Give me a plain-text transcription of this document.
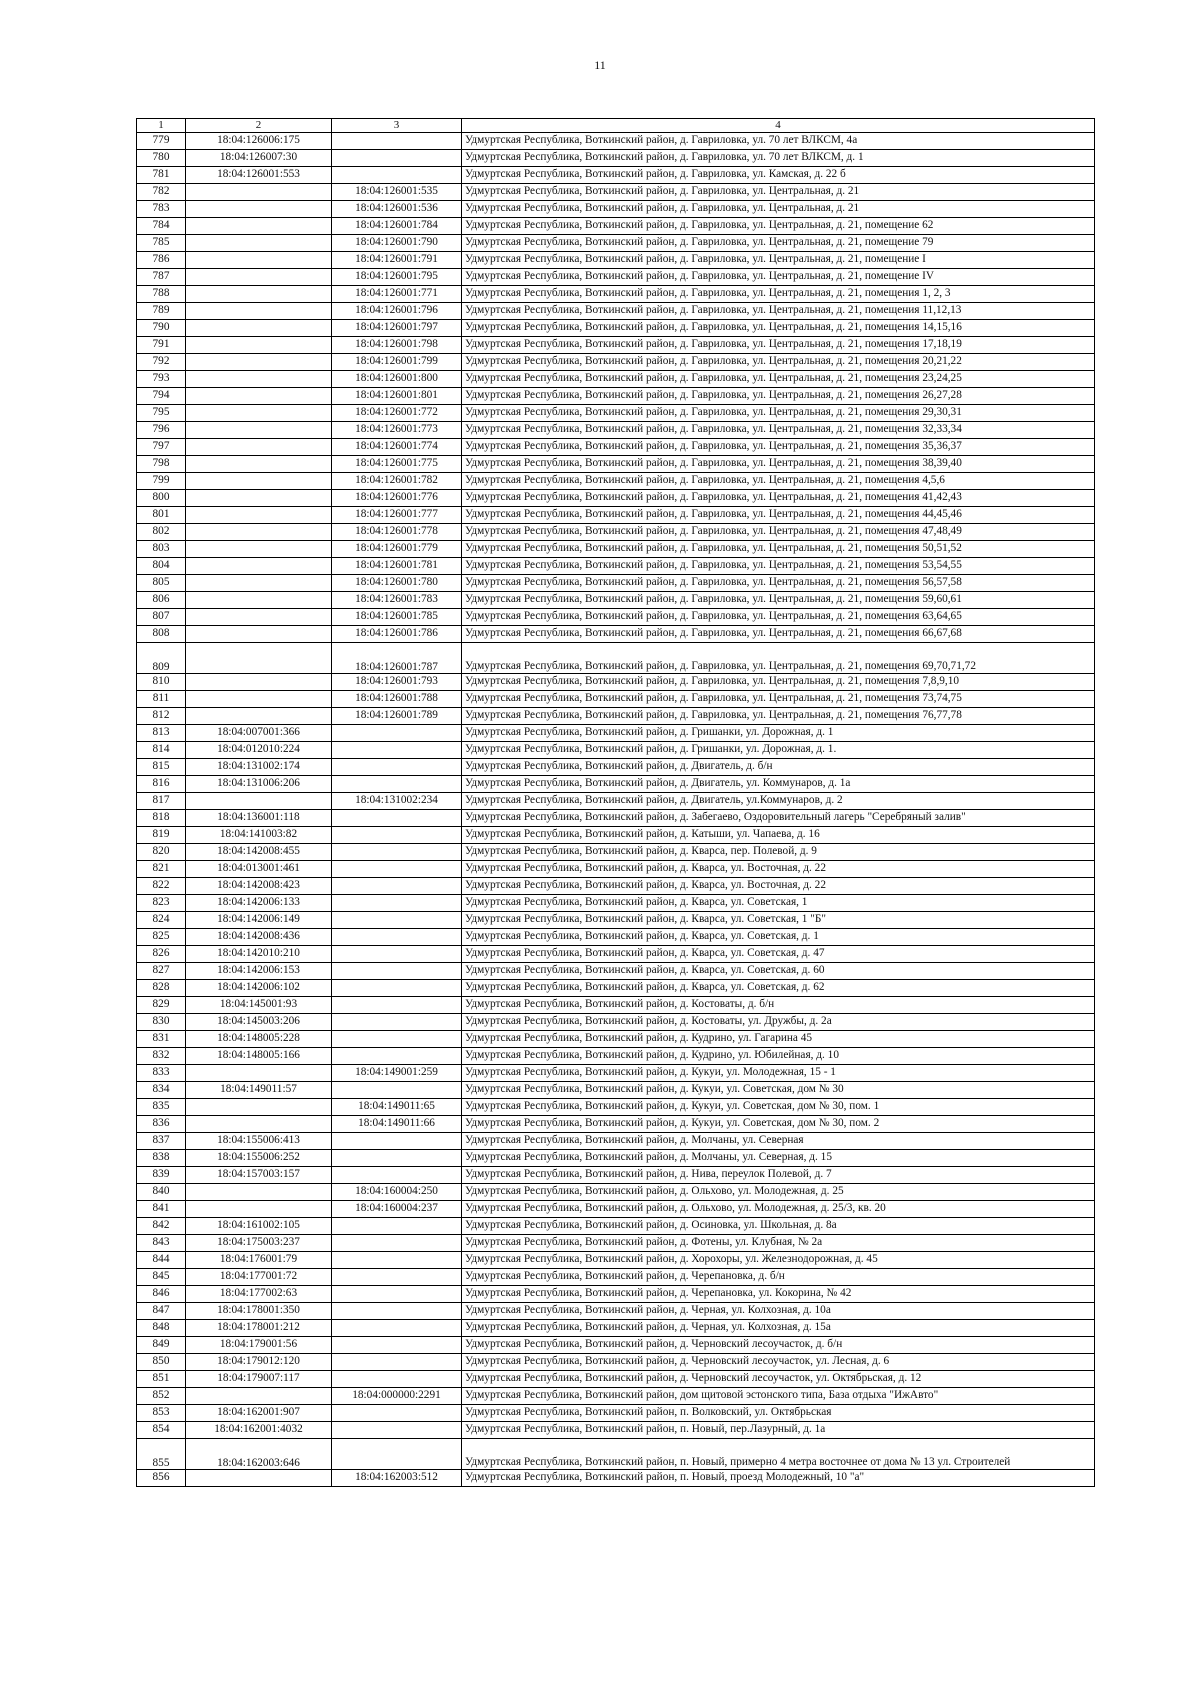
11
1	2	3	4
779	18:04:126006:175		Удмуртская Республика, Воткинский район, д. Гавриловка, ул. 70 лет ВЛКСМ, 4а
780	18:04:126007:30		Удмуртская Республика, Воткинский район, д. Гавриловка, ул. 70 лет ВЛКСМ, д. 1
781	18:04:126001:553		Удмуртская Республика, Воткинский район, д. Гавриловка, ул. Камская, д. 22 б
782		18:04:126001:535	Удмуртская Республика, Воткинский район, д. Гавриловка, ул. Центральная, д. 21
783		18:04:126001:536	Удмуртская Республика, Воткинский район, д. Гавриловка, ул. Центральная, д. 21
784		18:04:126001:784	Удмуртская Республика, Воткинский район, д. Гавриловка, ул. Центральная, д. 21, помещение 62
785		18:04:126001:790	Удмуртская Республика, Воткинский район, д. Гавриловка, ул. Центральная, д. 21, помещение 79
786		18:04:126001:791	Удмуртская Республика, Воткинский район, д. Гавриловка, ул. Центральная, д. 21, помещение I
787		18:04:126001:795	Удмуртская Республика, Воткинский район, д. Гавриловка, ул. Центральная, д. 21, помещение IV
788		18:04:126001:771	Удмуртская Республика, Воткинский район, д. Гавриловка, ул. Центральная, д. 21, помещения 1, 2, 3
789		18:04:126001:796	Удмуртская Республика, Воткинский район, д. Гавриловка, ул. Центральная, д. 21, помещения 11,12,13
790		18:04:126001:797	Удмуртская Республика, Воткинский район, д. Гавриловка, ул. Центральная, д. 21, помещения 14,15,16
791		18:04:126001:798	Удмуртская Республика, Воткинский район, д. Гавриловка, ул. Центральная, д. 21, помещения 17,18,19
792		18:04:126001:799	Удмуртская Республика, Воткинский район, д. Гавриловка, ул. Центральная, д. 21, помещения 20,21,22
793		18:04:126001:800	Удмуртская Республика, Воткинский район, д. Гавриловка, ул. Центральная, д. 21, помещения 23,24,25
794		18:04:126001:801	Удмуртская Республика, Воткинский район, д. Гавриловка, ул. Центральная, д. 21, помещения 26,27,28
795		18:04:126001:772	Удмуртская Республика, Воткинский район, д. Гавриловка, ул. Центральная, д. 21, помещения 29,30,31
796		18:04:126001:773	Удмуртская Республика, Воткинский район, д. Гавриловка, ул. Центральная, д. 21, помещения 32,33,34
797		18:04:126001:774	Удмуртская Республика, Воткинский район, д. Гавриловка, ул. Центральная, д. 21, помещения 35,36,37
798		18:04:126001:775	Удмуртская Республика, Воткинский район, д. Гавриловка, ул. Центральная, д. 21, помещения 38,39,40
799		18:04:126001:782	Удмуртская Республика, Воткинский район, д. Гавриловка, ул. Центральная, д. 21, помещения 4,5,6
800		18:04:126001:776	Удмуртская Республика, Воткинский район, д. Гавриловка, ул. Центральная, д. 21, помещения 41,42,43
801		18:04:126001:777	Удмуртская Республика, Воткинский район, д. Гавриловка, ул. Центральная, д. 21, помещения 44,45,46
802		18:04:126001:778	Удмуртская Республика, Воткинский район, д. Гавриловка, ул. Центральная, д. 21, помещения 47,48,49
803		18:04:126001:779	Удмуртская Республика, Воткинский район, д. Гавриловка, ул. Центральная, д. 21, помещения 50,51,52
804		18:04:126001:781	Удмуртская Республика, Воткинский район, д. Гавриловка, ул. Центральная, д. 21, помещения 53,54,55
805		18:04:126001:780	Удмуртская Республика, Воткинский район, д. Гавриловка, ул. Центральная, д. 21, помещения 56,57,58
806		18:04:126001:783	Удмуртская Республика, Воткинский район, д. Гавриловка, ул. Центральная, д. 21, помещения 59,60,61
807		18:04:126001:785	Удмуртская Республика, Воткинский район, д. Гавриловка, ул. Центральная, д. 21, помещения 63,64,65
808		18:04:126001:786	Удмуртская Республика, Воткинский район, д. Гавриловка, ул. Центральная, д. 21, помещения 66,67,68
809		18:04:126001:787	Удмуртская Республика, Воткинский район, д. Гавриловка, ул. Центральная, д. 21, помещения 69,70,71,72
810		18:04:126001:793	Удмуртская Республика, Воткинский район, д. Гавриловка, ул. Центральная, д. 21, помещения 7,8,9,10
811		18:04:126001:788	Удмуртская Республика, Воткинский район, д. Гавриловка, ул. Центральная, д. 21, помещения 73,74,75
812		18:04:126001:789	Удмуртская Республика, Воткинский район, д. Гавриловка, ул. Центральная, д. 21, помещения 76,77,78
813	18:04:007001:366		Удмуртская Республика, Воткинский район, д. Гришанки, ул. Дорожная, д. 1
814	18:04:012010:224		Удмуртская Республика, Воткинский район, д. Гришанки, ул. Дорожная, д. 1.
815	18:04:131002:174		Удмуртская Республика, Воткинский район, д. Двигатель, д. б/н
816	18:04:131006:206		Удмуртская Республика, Воткинский район, д. Двигатель, ул. Коммунаров, д. 1а
817		18:04:131002:234	Удмуртская Республика, Воткинский район, д. Двигатель, ул.Коммунаров, д. 2
818	18:04:136001:118		Удмуртская Республика, Воткинский район, д. Забегаево, Оздоровительный лагерь "Серебряный залив"
819	18:04:141003:82		Удмуртская Республика, Воткинский район, д. Катыши, ул. Чапаева, д. 16
820	18:04:142008:455		Удмуртская Республика, Воткинский район, д. Кварса, пер. Полевой, д. 9
821	18:04:013001:461		Удмуртская Республика, Воткинский район, д. Кварса, ул. Восточная, д. 22
822	18:04:142008:423		Удмуртская Республика, Воткинский район, д. Кварса, ул. Восточная, д. 22
823	18:04:142006:133		Удмуртская Республика, Воткинский район, д. Кварса, ул. Советская, 1
824	18:04:142006:149		Удмуртская Республика, Воткинский район, д. Кварса, ул. Советская, 1 "Б"
825	18:04:142008:436		Удмуртская Республика, Воткинский район, д. Кварса, ул. Советская, д. 1
826	18:04:142010:210		Удмуртская Республика, Воткинский район, д. Кварса, ул. Советская, д. 47
827	18:04:142006:153		Удмуртская Республика, Воткинский район, д. Кварса, ул. Советская, д. 60
828	18:04:142006:102		Удмуртская Республика, Воткинский район, д. Кварса, ул. Советская, д. 62
829	18:04:145001:93		Удмуртская Республика, Воткинский район, д. Костоваты, д. б/н
830	18:04:145003:206		Удмуртская Республика, Воткинский район, д. Костоваты, ул. Дружбы, д. 2а
831	18:04:148005:228		Удмуртская Республика, Воткинский район, д. Кудрино, ул. Гагарина 45
832	18:04:148005:166		Удмуртская Республика, Воткинский район, д. Кудрино, ул. Юбилейная, д. 10
833		18:04:149001:259	Удмуртская Республика, Воткинский район, д. Кукуи, ул. Молодежная, 15 - 1
834	18:04:149011:57		Удмуртская Республика, Воткинский район, д. Кукуи, ул. Советская, дом № 30
835		18:04:149011:65	Удмуртская Республика, Воткинский район, д. Кукуи, ул. Советская, дом № 30, пом. 1
836		18:04:149011:66	Удмуртская Республика, Воткинский район, д. Кукуи, ул. Советская, дом № 30, пом. 2
837	18:04:155006:413		Удмуртская Республика, Воткинский район, д. Молчаны, ул. Северная
838	18:04:155006:252		Удмуртская Республика, Воткинский район, д. Молчаны, ул. Северная, д. 15
839	18:04:157003:157		Удмуртская Республика, Воткинский район, д. Нива, переулок Полевой, д. 7
840		18:04:160004:250	Удмуртская Республика, Воткинский район, д. Ольхово, ул. Молодежная, д. 25
841		18:04:160004:237	Удмуртская Республика, Воткинский район, д. Ольхово, ул. Молодежная, д. 25/3, кв. 20
842	18:04:161002:105		Удмуртская Республика, Воткинский район, д. Осиновка, ул. Школьная, д. 8а
843	18:04:175003:237		Удмуртская Республика, Воткинский район, д. Фотены, ул. Клубная, № 2а
844	18:04:176001:79		Удмуртская Республика, Воткинский район, д. Хорохоры, ул. Железнодорожная, д. 45
845	18:04:177001:72		Удмуртская Республика, Воткинский район, д. Черепановка, д. б/н
846	18:04:177002:63		Удмуртская Республика, Воткинский район, д. Черепановка, ул. Кокорина, № 42
847	18:04:178001:350		Удмуртская Республика, Воткинский район, д. Черная, ул. Колхозная, д. 10а
848	18:04:178001:212		Удмуртская Республика, Воткинский район, д. Черная, ул. Колхозная, д. 15а
849	18:04:179001:56		Удмуртская Республика, Воткинский район, д. Черновский лесоучасток, д. б/н
850	18:04:179012:120		Удмуртская Республика, Воткинский район, д. Черновский лесоучасток, ул. Лесная, д. 6
851	18:04:179007:117		Удмуртская Республика, Воткинский район, д. Черновский лесоучасток, ул. Октябрьская, д. 12
852		18:04:000000:2291	Удмуртская Республика, Воткинский район, дом щитовой эстонского типа, База отдыха "ИжАвто"
853	18:04:162001:907		Удмуртская Республика, Воткинский район, п. Волковский, ул. Октябрьская
854	18:04:162001:4032		Удмуртская Республика, Воткинский район, п. Новый, пер.Лазурный, д. 1а
855	18:04:162003:646		Удмуртская Республика, Воткинский район, п. Новый, примерно 4 метра восточнее от дома № 13 ул. Строителей
856		18:04:162003:512	Удмуртская Республика, Воткинский район, п. Новый, проезд Молодежный, 10 "а"
